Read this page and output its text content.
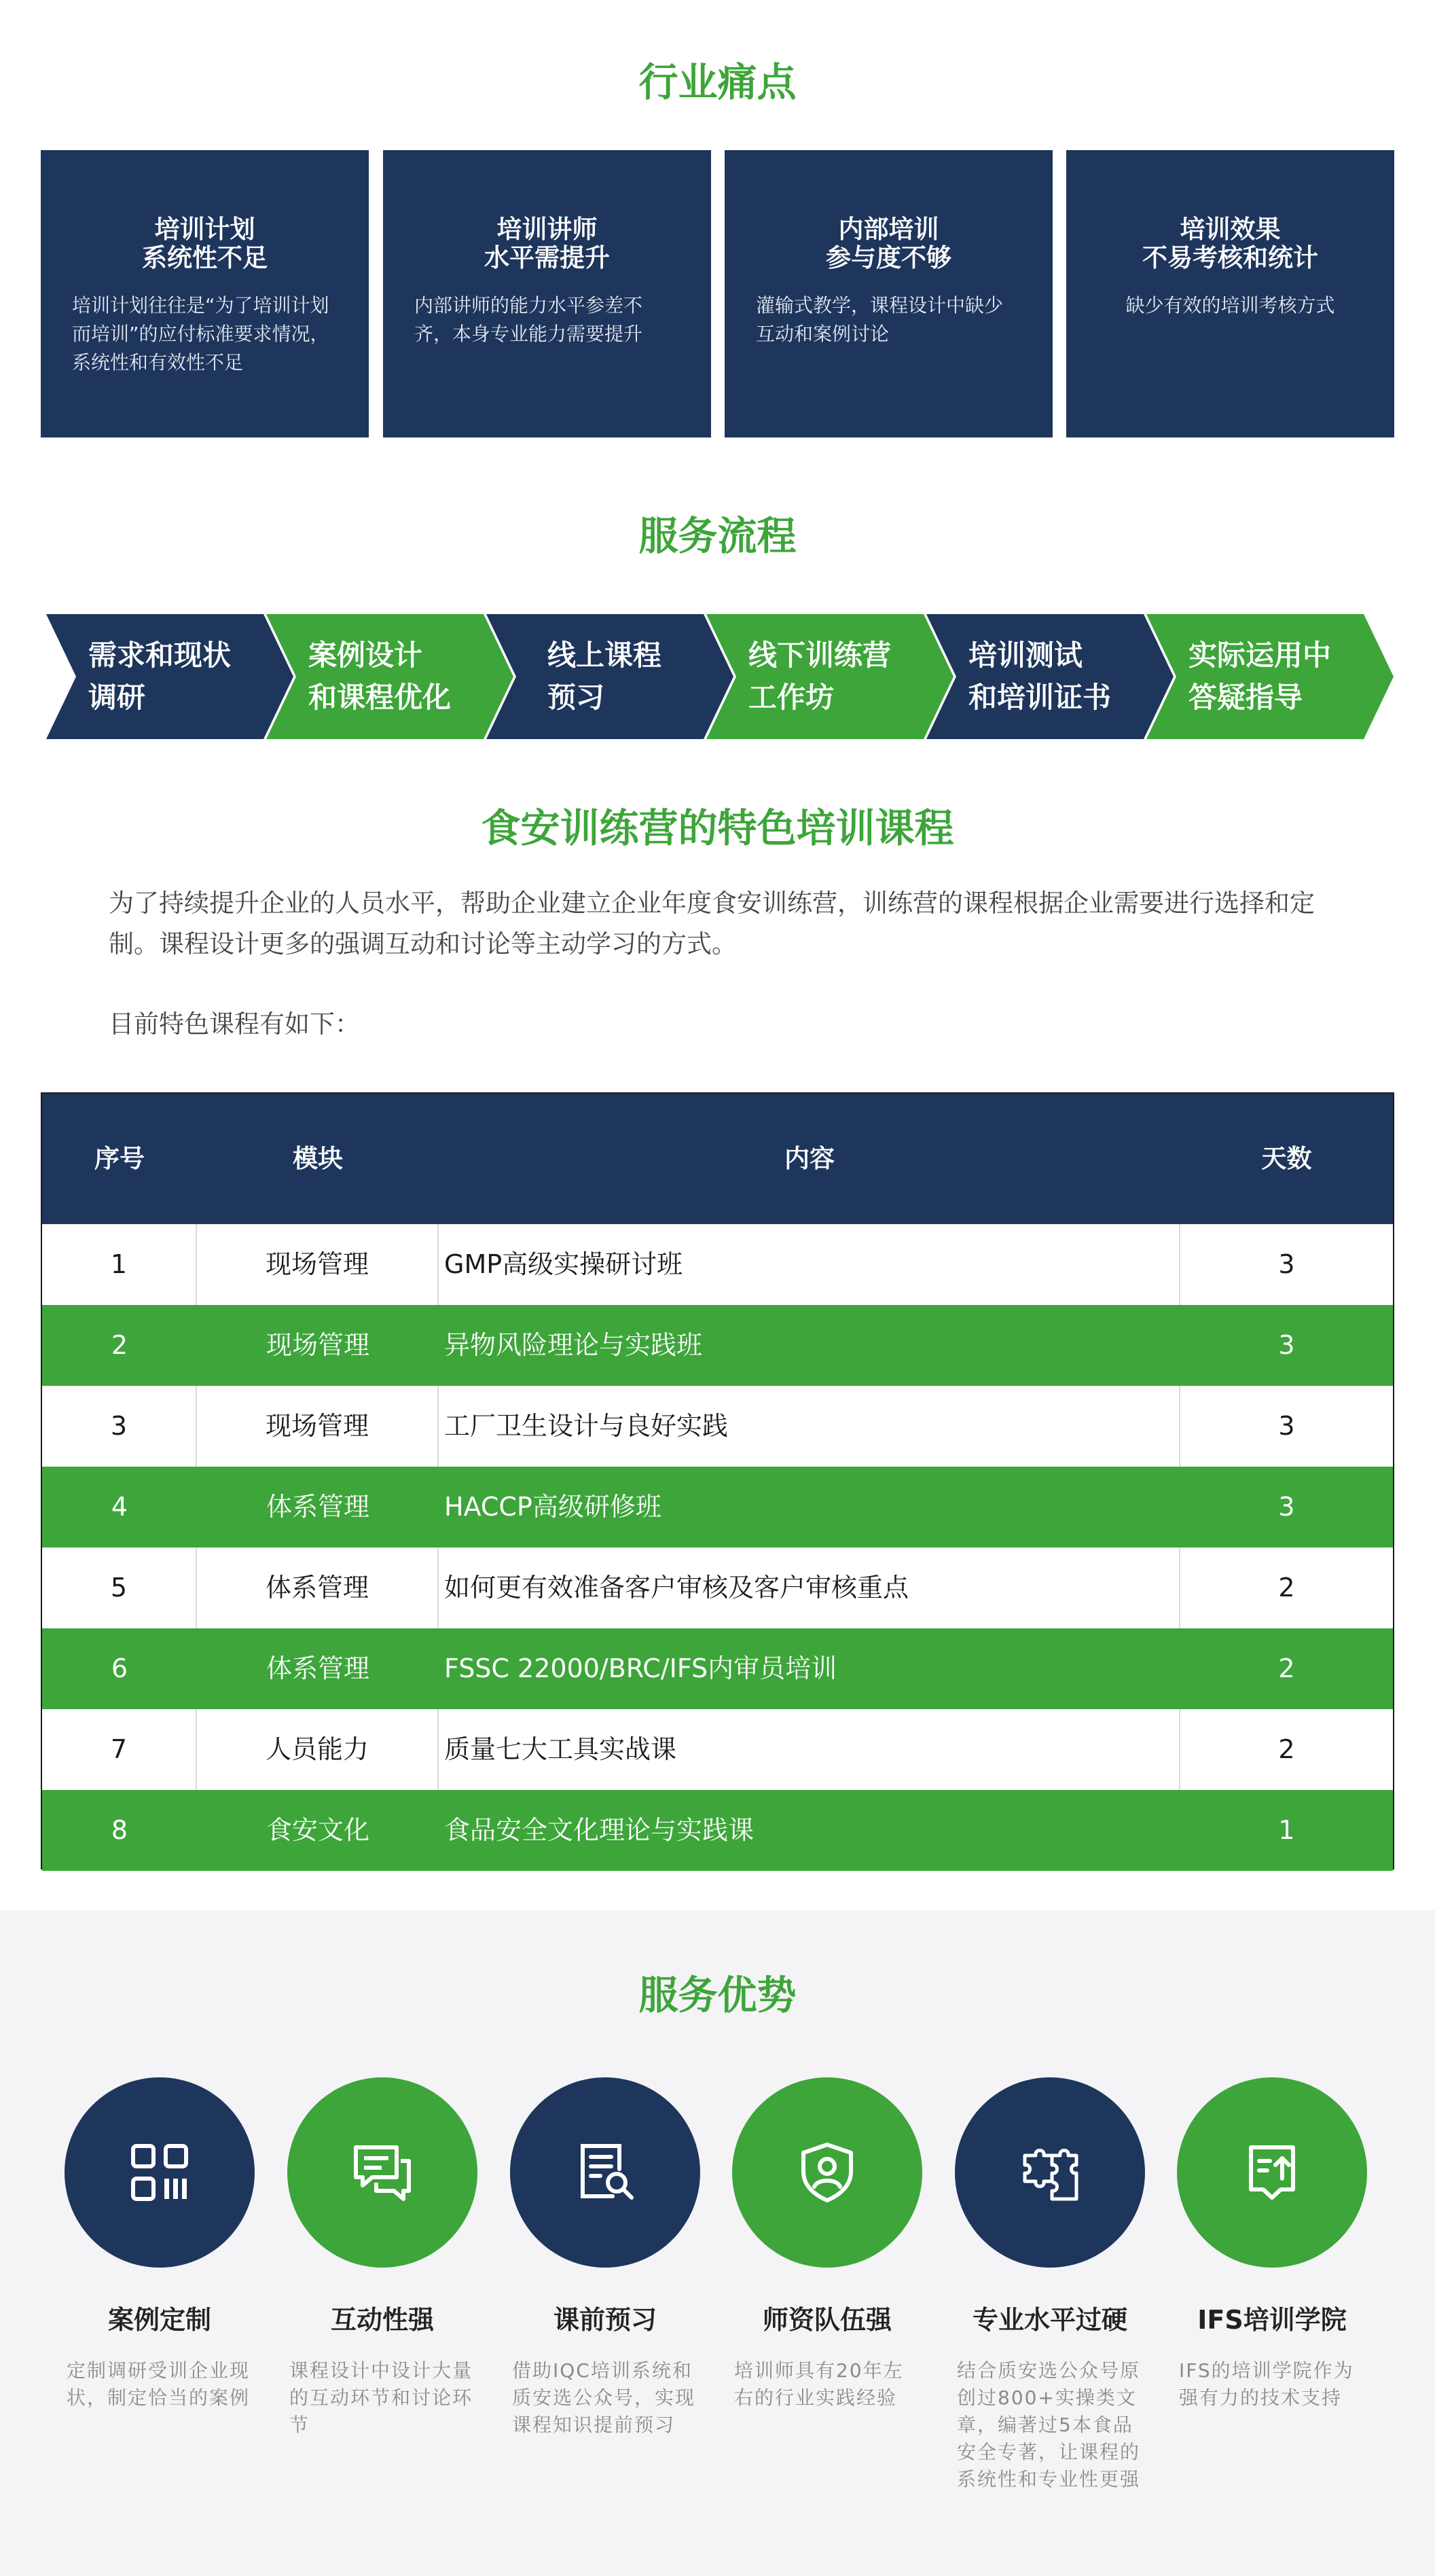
行业痛点
培训计划
系统性不足
培训计划往往是“为了培训计划而培训”的应付标准要求情况，系统性和有效性不足
培训讲师
水平需提升
内部讲师的能力水平参差不齐，本身专业能力需要提升
内部培训
参与度不够
灌输式教学，课程设计中缺少互动和案例讨论
培训效果
不易考核和统计
缺少有效的培训考核方式
服务流程
需求和现状
调研
案例设计
和课程优化
线上课程
预习
线下训练营
工作坊
培训测试
和培训证书
实际运用中
答疑指导
食安训练营的特色培训课程

为了持续提升企业的人员水平，帮助企业建立企业年度食安训练营，训练营的课程根据企业需要进行选择和定制。课程设计更多的强调互动和讨论等主动学习的方式。

目前特色课程有如下：

序号	模块	内容	天数
1	现场管理	GMP高级实操研讨班	3
2	现场管理	异物风险理论与实践班	3
3	现场管理	工厂卫生设计与良好实践	3
4	体系管理	HACCP高级研修班	3
5	体系管理	如何更有效准备客户审核及客户审核重点	2
6	体系管理	FSSC 22000/BRC/IFS内审员培训	2
7	人员能力	质量七大工具实战课	2
8	食安文化	食品安全文化理论与实践课	1
服务优势
案例定制
定制调研受训企业现状，制定恰当的案例
互动性强
课程设计中设计大量的互动环节和讨论环节
课前预习
借助IQC培训系统和质安选公众号，实现课程知识提前预习
师资队伍强
培训师具有20年左右的行业实践经验
专业水平过硬
结合质安选公众号原创过800+实操类文章，编著过5本食品安全专著，让课程的系统性和专业性更强
IFS培训学院
IFS的培训学院作为强有力的技术支持
